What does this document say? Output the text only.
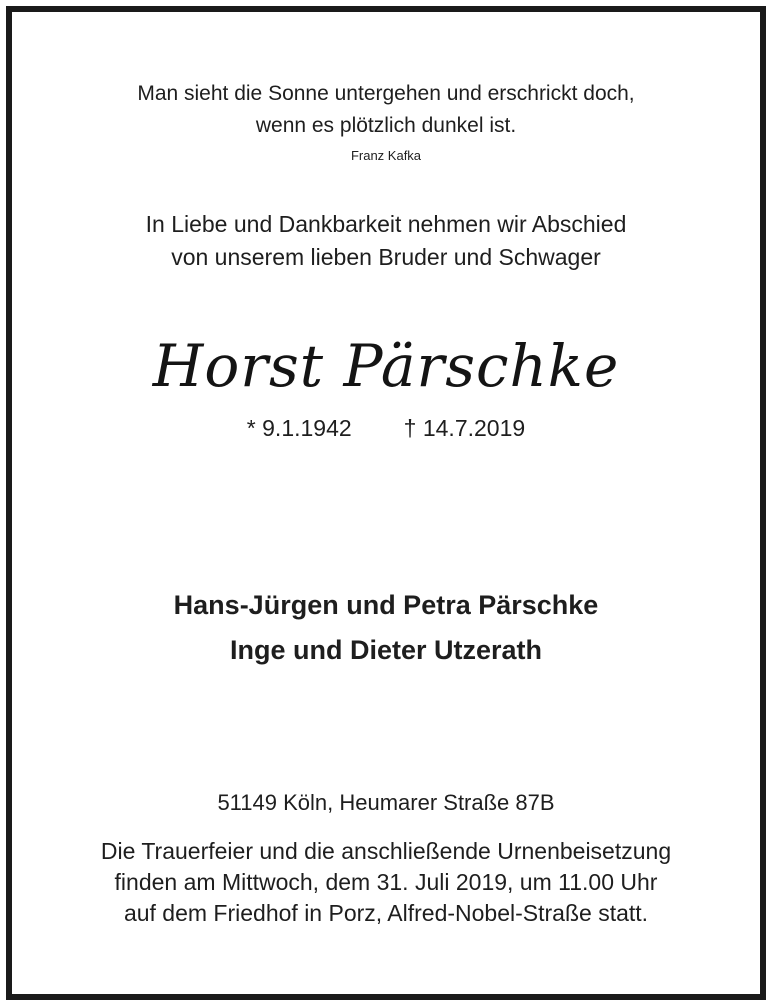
Man sieht die Sonne untergehen und erschrickt doch,
wenn es plötzlich dunkel ist.
Franz Kafka
In Liebe und Dankbarkeit nehmen wir Abschied
von unserem lieben Bruder und Schwager
Horst Pärschke
* 9.1.1942 † 14.7.2019
Hans-Jürgen und Petra Pärschke
Inge und Dieter Utzerath
51149 Köln, Heumarer Straße 87B
Die Trauerfeier und die anschließende Urnenbeisetzung
finden am Mittwoch, dem 31. Juli 2019, um 11.00 Uhr
auf dem Friedhof in Porz, Alfred-Nobel-Straße statt.
